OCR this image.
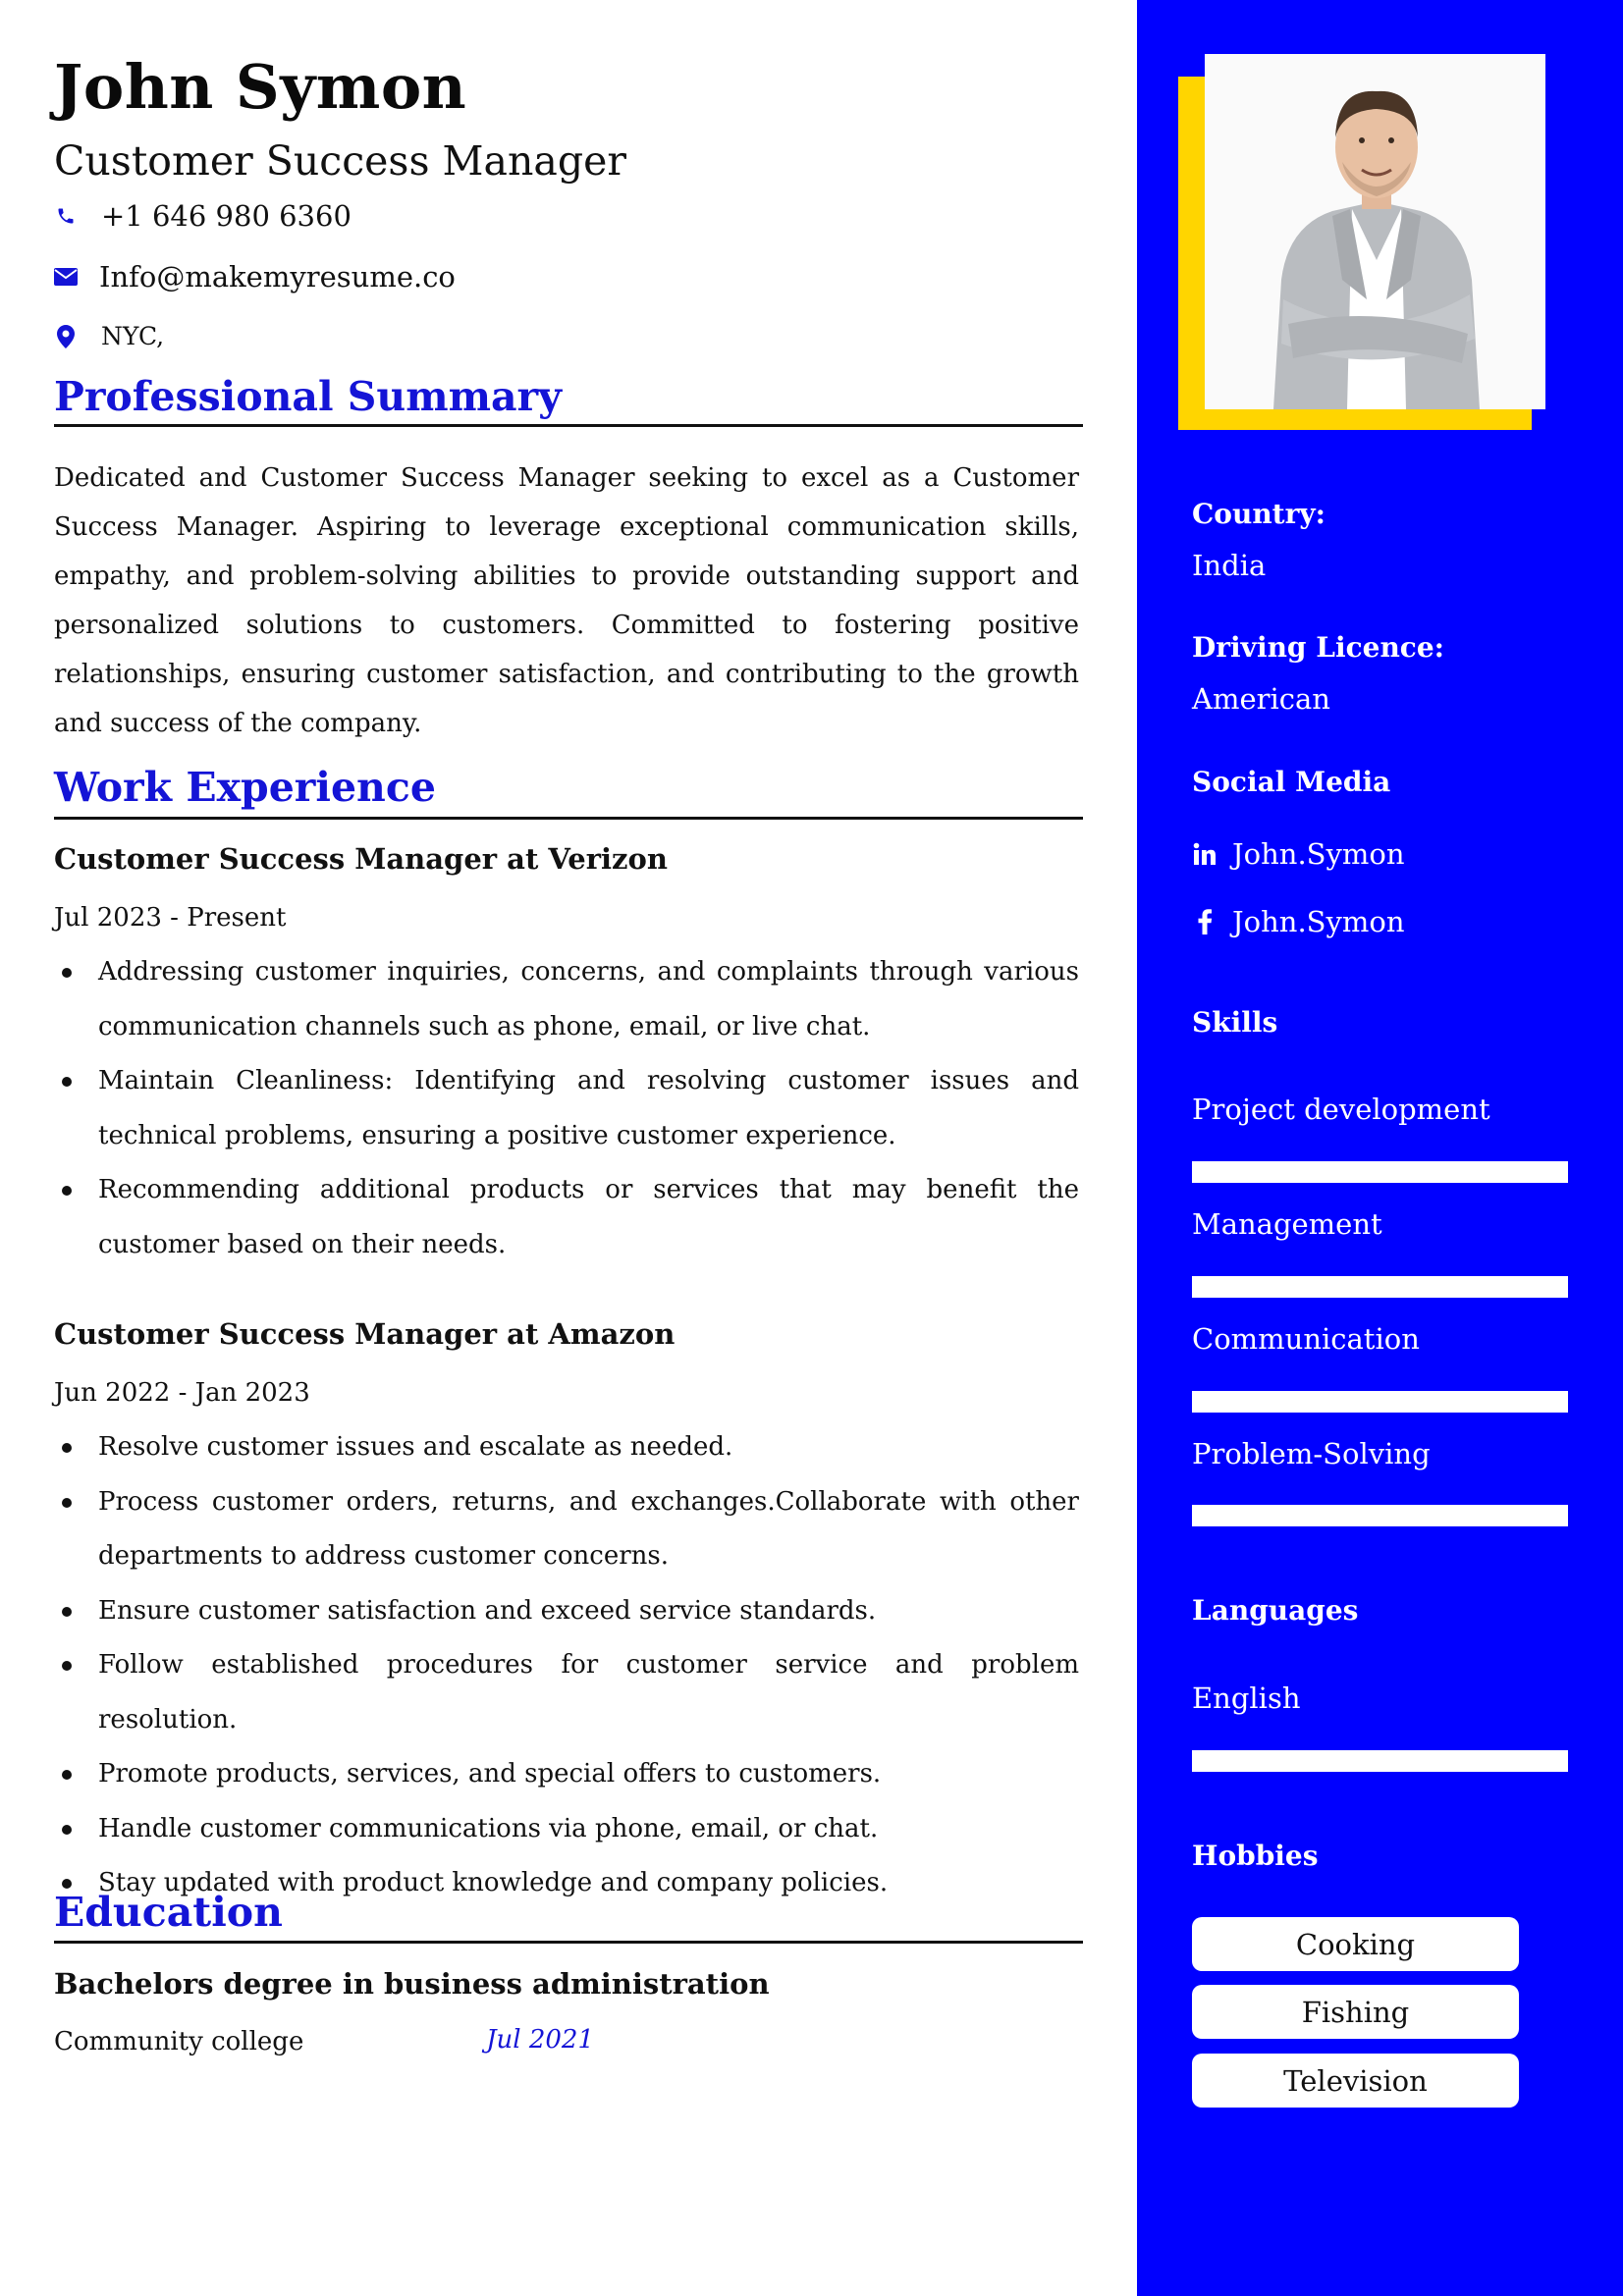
John Symon
Customer Success Manager
+1 646 980 6360
Info@makemyresume.co
NYC,
Professional Summary
Dedicated and Customer Success Manager seeking to excel as a Customer Success Manager. Aspiring to leverage exceptional communication skills, empathy, and problem-solving abilities to provide outstanding support and personalized solutions to customers. Committed to fostering positive relationships, ensuring customer satisfaction, and contributing to the growth and success of the company.
Work Experience
Customer Success Manager at Verizon
Jul 2023 - Present
Addressing customer inquiries, concerns, and complaints through various communication channels such as phone, email, or live chat.
Maintain Cleanliness: Identifying and resolving customer issues and technical problems, ensuring a positive customer experience.
Recommending additional products or services that may benefit the customer based on their needs.
Customer Success Manager at Amazon
Jun 2022 - Jan 2023
Resolve customer issues and escalate as needed.
Process customer orders, returns, and exchanges.Collaborate with other departments to address customer concerns.
Ensure customer satisfaction and exceed service standards.
Follow established procedures for customer service and problem resolution.
Promote products, services, and special offers to customers.
Handle customer communications via phone, email, or chat.
Stay updated with product knowledge and company policies.
Education
Bachelors degree in business administration
Community college	Jul 2021
Country:
India
Driving Licence:
American
Social Media
John.Symon
John.Symon
Skills
Project development
Management
Communication
Problem-Solving
Languages
English
Hobbies
Cooking
Fishing
Television
